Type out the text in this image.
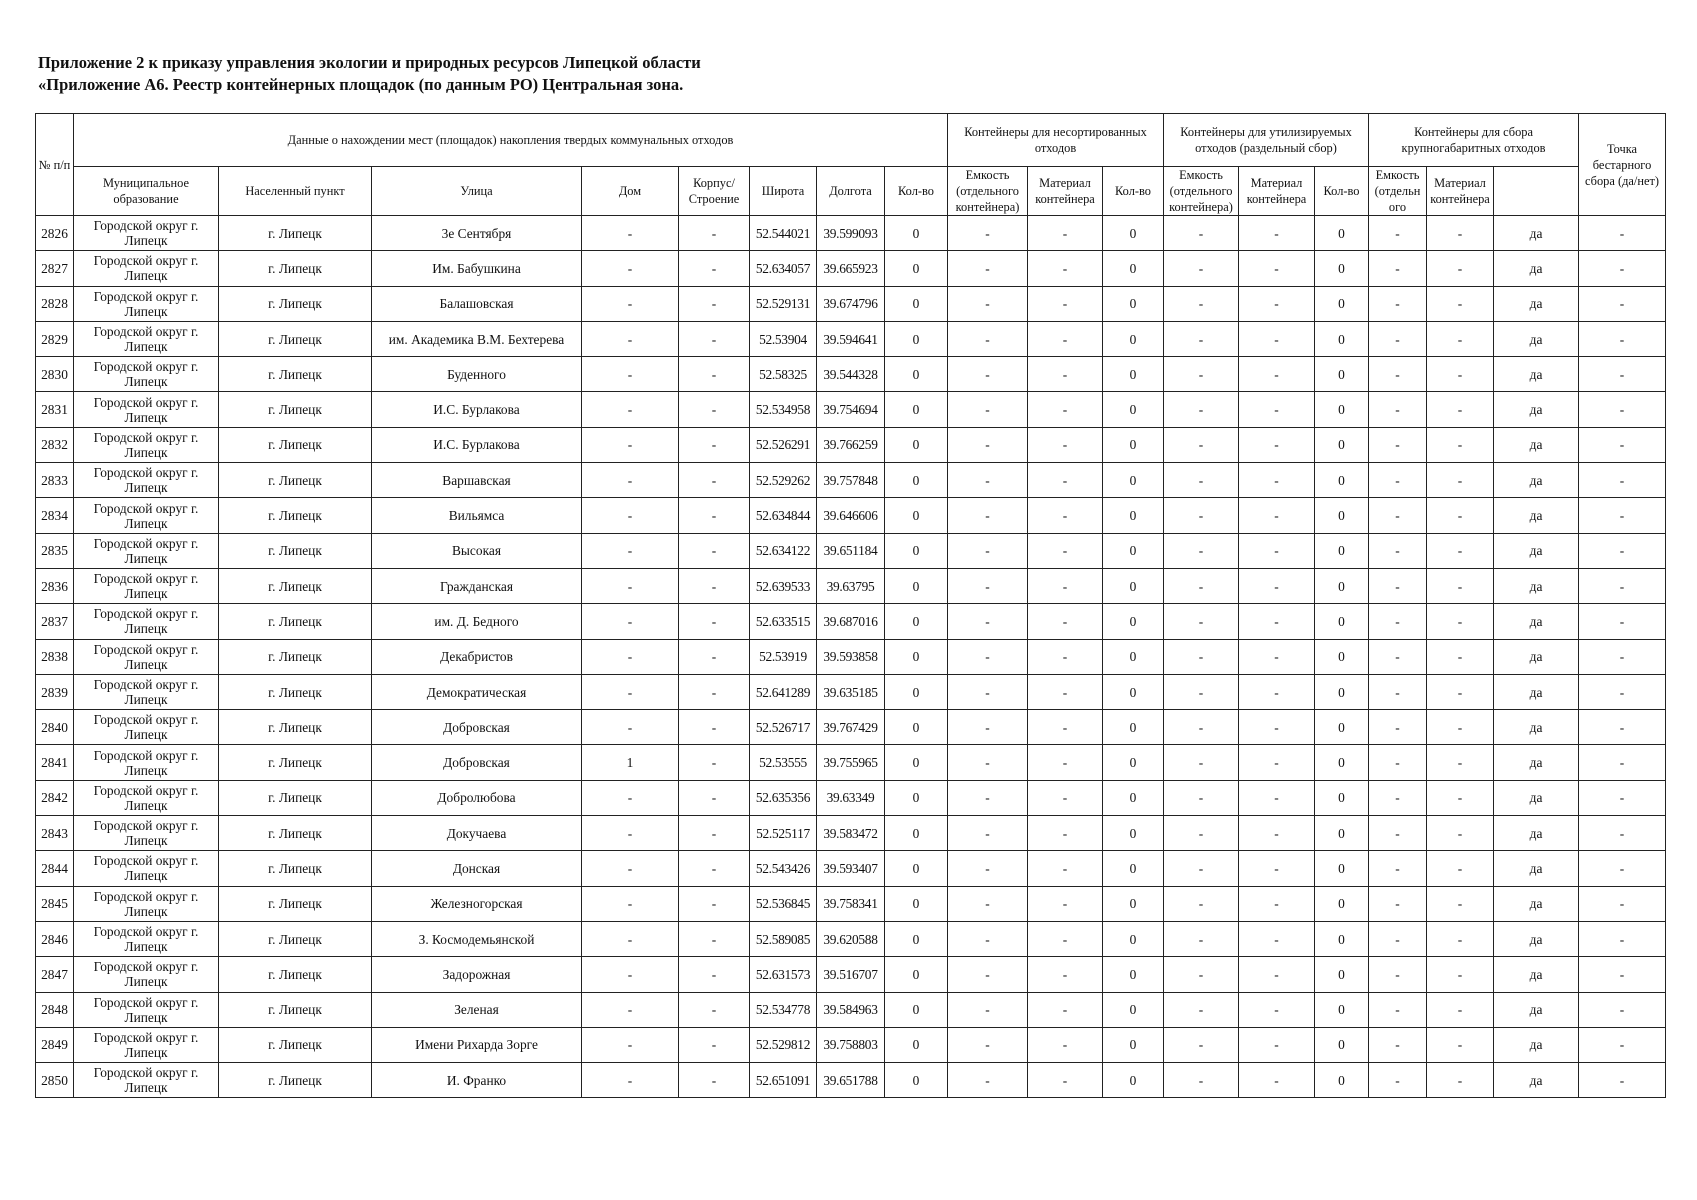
Приложение 2 к приказу управления экологии и природных ресурсов Липецкой области
«Приложение А6. Реестр контейнерных площадок (по данным РО) Центральная зона.
№ п/п	Данные о нахождении мест (площадок) накопления твердых коммунальных отходов								Контейнеры для несортированных отходов			Контейнеры для утилизируемых отходов (раздельный сбор)			Контейнеры для сбора крупногабаритных отходов			Точка бестарного сбора (да/нет)	
	Муниципальное образование	Населенный пункт	Улица	Дом	Корпус/ Строение	Широта	Долгота	Кол-во	Емкость (отдельного контейнера)	Материал контейнера	Кол-во	Емкость (отдельного контейнера)	Материал контейнера	Кол-во	Емкость (отдельн ого	Материал контейнера			
2826	Городской округ г. Липецк	г. Липецк	3е Сентября	-	-	52.544021	39.599093	0	-	-	0	-	-	0	-	-	да	-	
2827	Городской округ г. Липецк	г. Липецк	Им. Бабушкина	-	-	52.634057	39.665923	0	-	-	0	-	-	0	-	-	да	-	
2828	Городской округ г. Липецк	г. Липецк	Балашовская	-	-	52.529131	39.674796	0	-	-	0	-	-	0	-	-	да	-	
2829	Городской округ г. Липецк	г. Липецк	им. Академика В.М. Бехтерева	-	-	52.53904	39.594641	0	-	-	0	-	-	0	-	-	да	-	
2830	Городской округ г. Липецк	г. Липецк	Буденного	-	-	52.58325	39.544328	0	-	-	0	-	-	0	-	-	да	-	
2831	Городской округ г. Липецк	г. Липецк	И.С. Бурлакова	-	-	52.534958	39.754694	0	-	-	0	-	-	0	-	-	да	-	
2832	Городской округ г. Липецк	г. Липецк	И.С. Бурлакова	-	-	52.526291	39.766259	0	-	-	0	-	-	0	-	-	да	-	
2833	Городской округ г. Липецк	г. Липецк	Варшавская	-	-	52.529262	39.757848	0	-	-	0	-	-	0	-	-	да	-	
2834	Городской округ г. Липецк	г. Липецк	Вильямса	-	-	52.634844	39.646606	0	-	-	0	-	-	0	-	-	да	-	
2835	Городской округ г. Липецк	г. Липецк	Высокая	-	-	52.634122	39.651184	0	-	-	0	-	-	0	-	-	да	-	
2836	Городской округ г. Липецк	г. Липецк	Гражданская	-	-	52.639533	39.63795	0	-	-	0	-	-	0	-	-	да	-	
2837	Городской округ г. Липецк	г. Липецк	им. Д. Бедного	-	-	52.633515	39.687016	0	-	-	0	-	-	0	-	-	да	-	
2838	Городской округ г. Липецк	г. Липецк	Декабристов	-	-	52.53919	39.593858	0	-	-	0	-	-	0	-	-	да	-	
2839	Городской округ г. Липецк	г. Липецк	Демократическая	-	-	52.641289	39.635185	0	-	-	0	-	-	0	-	-	да	-	
2840	Городской округ г. Липецк	г. Липецк	Добровская	-	-	52.526717	39.767429	0	-	-	0	-	-	0	-	-	да	-	
2841	Городской округ г. Липецк	г. Липецк	Добровская	1	-	52.53555	39.755965	0	-	-	0	-	-	0	-	-	да	-	
2842	Городской округ г. Липецк	г. Липецк	Добролюбова	-	-	52.635356	39.63349	0	-	-	0	-	-	0	-	-	да	-	
2843	Городской округ г. Липецк	г. Липецк	Докучаева	-	-	52.525117	39.583472	0	-	-	0	-	-	0	-	-	да	-	
2844	Городской округ г. Липецк	г. Липецк	Донская	-	-	52.543426	39.593407	0	-	-	0	-	-	0	-	-	да	-	
2845	Городской округ г. Липецк	г. Липецк	Железногорская	-	-	52.536845	39.758341	0	-	-	0	-	-	0	-	-	да	-	
2846	Городской округ г. Липецк	г. Липецк	З. Космодемьянской	-	-	52.589085	39.620588	0	-	-	0	-	-	0	-	-	да	-	
2847	Городской округ г. Липецк	г. Липецк	Задорожная	-	-	52.631573	39.516707	0	-	-	0	-	-	0	-	-	да	-	
2848	Городской округ г. Липецк	г. Липецк	Зеленая	-	-	52.534778	39.584963	0	-	-	0	-	-	0	-	-	да	-	
2849	Городской округ г. Липецк	г. Липецк	Имени Рихарда Зорге	-	-	52.529812	39.758803	0	-	-	0	-	-	0	-	-	да	-	
2850	Городской округ г. Липецк	г. Липецк	И. Франко	-	-	52.651091	39.651788	0	-	-	0	-	-	0	-	-	да	-	
